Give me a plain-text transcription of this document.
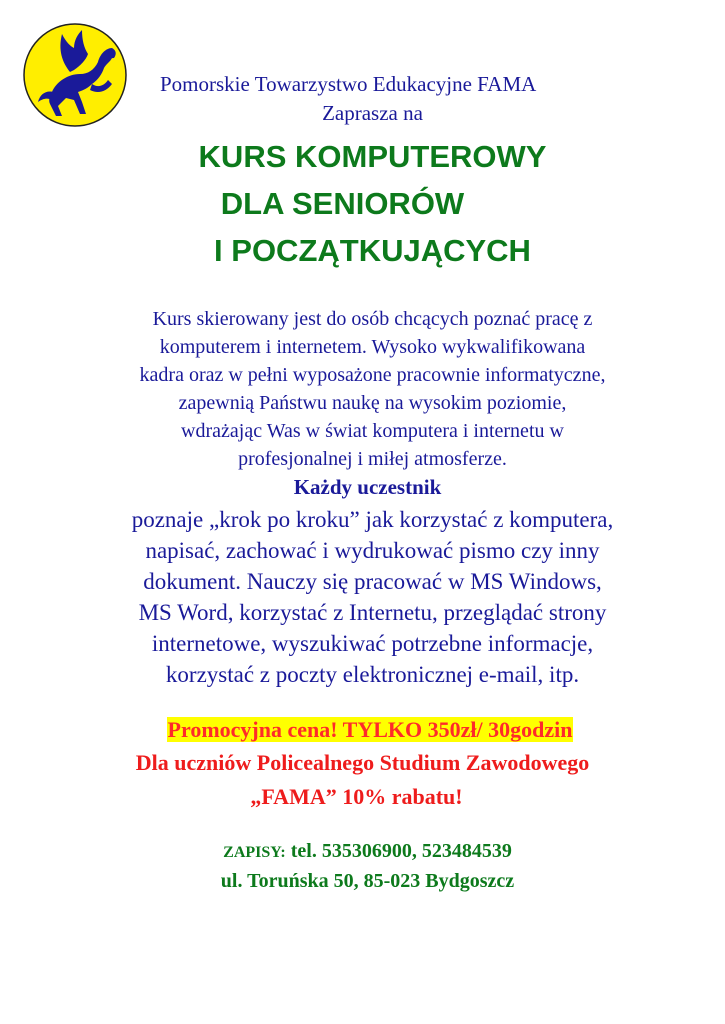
Pomorskie Towarzystwo Edukacyjne FAMA
Zaprasza na
KURS KOMPUTEROWY
DLA SENIORÓW
I POCZĄTKUJĄCYCH
Kurs skierowany jest do osób chcących poznać pracę z
komputerem i internetem. Wysoko wykwalifikowana
kadra oraz w pełni wyposażone pracownie informatyczne,
zapewnią Państwu naukę na wysokim poziomie,
wdrażając Was w świat komputera i internetu w
profesjonalnej i miłej atmosferze.
Każdy uczestnik
poznaje „krok po kroku” jak korzystać z komputera,
napisać, zachować i wydrukować pismo czy inny
dokument. Nauczy się pracować w MS Windows,
MS Word, korzystać z Internetu, przeglądać strony
internetowe, wyszukiwać potrzebne informacje,
korzystać z poczty elektronicznej e-mail, itp.
Promocyjna cena! TYLKO 350zł/ 30godzin
Dla uczniów Policealnego Studium Zawodowego
„FAMA” 10% rabatu!
ZAPISY: tel. 535306900, 523484539
ul. Toruńska 50, 85-023 Bydgoszcz
